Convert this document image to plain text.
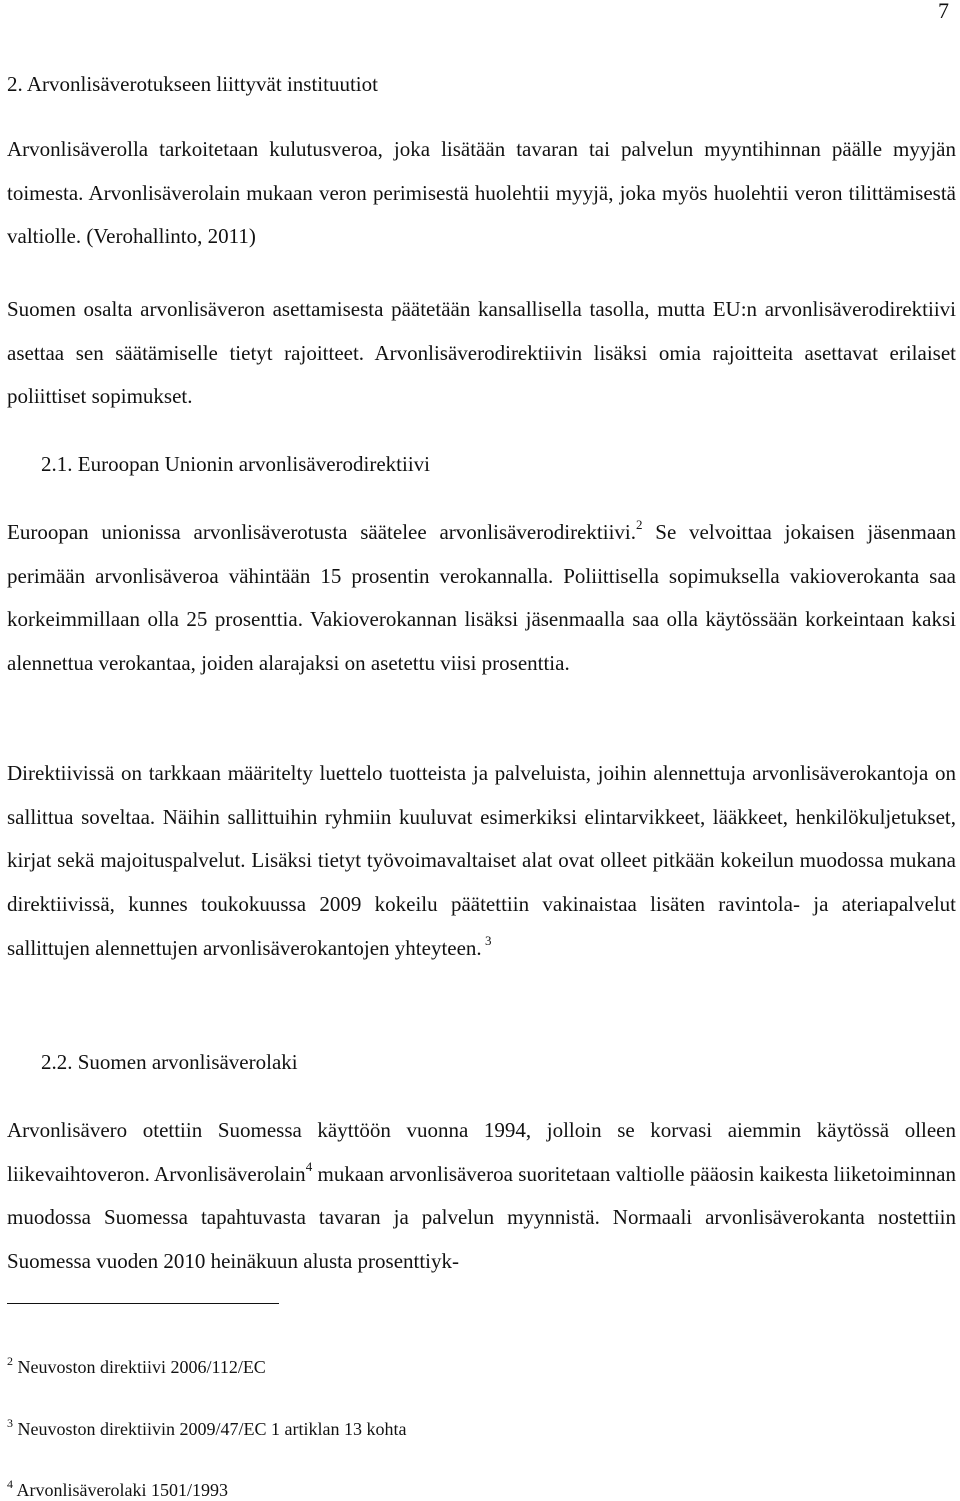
7
2. Arvonlisäverotukseen liittyvät instituutiot

Arvonlisäverolla tarkoitetaan kulutusveroa, joka lisätään tavaran tai palvelun myyntihinnan päälle myyjän toimesta. Arvonlisäverolain mukaan veron perimisestä huolehtii myyjä, joka myös huolehtii veron tilittämisestä valtiolle. (Verohallinto, 2011)

Suomen osalta arvonlisäveron asettamisesta päätetään kansallisella tasolla, mutta EU:n arvonlisäverodirektiivi asettaa sen säätämiselle tietyt rajoitteet. Arvonlisäverodirektiivin lisäksi omia rajoitteita asettavat erilaiset poliittiset sopimukset.

2.1. Euroopan Unionin arvonlisäverodirektiivi

Euroopan unionissa arvonlisäverotusta säätelee arvonlisäverodirektiivi.$^2$ Se velvoittaa jokaisen jäsenmaan perimään arvonlisäveroa vähintään 15 prosentin verokannalla. Poliittisella sopimuksella vakioverokanta saa korkeimmillaan olla 25 prosenttia. Vakioverokannan lisäksi jäsenmaalla saa olla käytössään korkeintaan kaksi alennettua verokantaa, joiden alarajaksi on asetettu viisi prosenttia.

Direktiivissä on tarkkaan määritelty luettelo tuotteista ja palveluista, joihin alennettuja arvonlisäverokantoja on sallittua soveltaa. Näihin sallittuihin ryhmiin kuuluvat esimerkiksi elintarvikkeet, lääkkeet, henkilökuljetukset, kirjat sekä majoituspalvelut. Lisäksi tietyt työvoimavaltaiset alat ovat olleet pitkään kokeilun muodossa mukana direktiivissä, kunnes toukokuussa 2009 kokeilu päätettiin vakinaistaa lisäten ravintola- ja ateriapalvelut sallittujen alennettujen arvonlisäverokantojen yhteyteen. $^3$

2.2. Suomen arvonlisäverolaki

Arvonlisävero otettiin Suomessa käyttöön vuonna 1994, jolloin se korvasi aiemmin käytössä olleen liikevaihtoveron. Arvonlisäverolain$^4$ mukaan arvonlisäveroa suoritetaan valtiolle pääosin kaikesta liiketoiminnan muodossa Suomessa tapahtuvasta tavaran ja palvelun myynnistä. Normaali arvonlisäverokanta nostettiin Suomessa vuoden 2010 heinäkuun alusta prosenttiyk-

$^2$ Neuvoston direktiivi 2006/112/EC
$^3$ Neuvoston direktiivin 2009/47/EC 1 artiklan 13 kohta
$^4$ Arvonlisäverolaki 1501/1993
